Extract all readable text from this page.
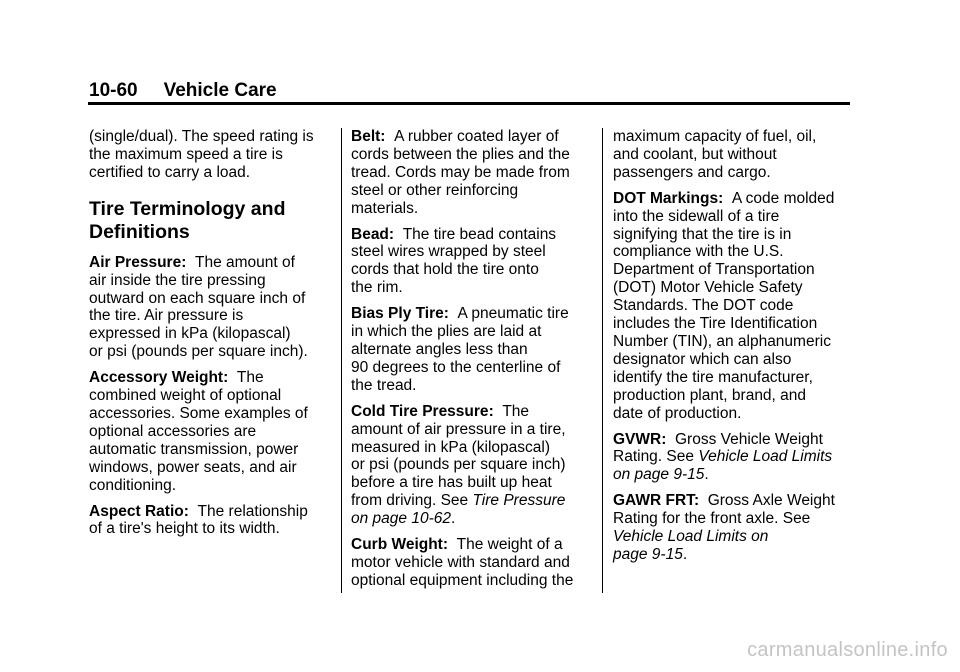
10-60 Vehicle Care

(single/dual). The speed rating is
the maximum speed a tire is
certified to carry a load.

Tire Terminology and
Definitions

Air Pressure : The amount of
air inside the tire pressing
outward on each square inch of
the tire. Air pressure is
expressed in kPa (kilopascal)
or psi (pounds per square inch).

Accessory Weight : The
combined weight of optional
accessories. Some examples of
optional accessories are
automatic transmission, power
windows, power seats, and air
conditioning.

Aspect Ratio : The relationship
of a tire's height to its width.

Belt : A rubber coated layer of
cords between the plies and the
tread. Cords may be made from
steel or other reinforcing
materials.

Bead : The tire bead contains
steel wires wrapped by steel
cords that hold the tire onto
the rim.

Bias Ply Tire : A pneumatic tire
in which the plies are laid at
alternate angles less than
90 degrees to the centerline of
the tread.

Cold Tire Pressure : The
amount of air pressure in a tire,
measured in kPa (kilopascal)
or psi (pounds per square inch)
before a tire has built up heat
from driving. See Tire Pressure
on page 10-62.

Curb Weight : The weight of a
motor vehicle with standard and
optional equipment including the

maximum capacity of fuel, oil,
and coolant, but without
passengers and cargo.

DOT Markings : A code molded
into the sidewall of a tire
signifying that the tire is in
compliance with the U.S.
Department of Transportation
(DOT) Motor Vehicle Safety
Standards. The DOT code
includes the Tire Identification
Number (TIN), an alphanumeric
designator which can also
identify the tire manufacturer,
production plant, brand, and
date of production.

GVWR : Gross Vehicle Weight
Rating. See Vehicle Load Limits
on page 9-15.

GAWR FRT : Gross Axle Weight
Rating for the front axle. See
Vehicle Load Limits on
page 9-15.

carmanualsonline.info
